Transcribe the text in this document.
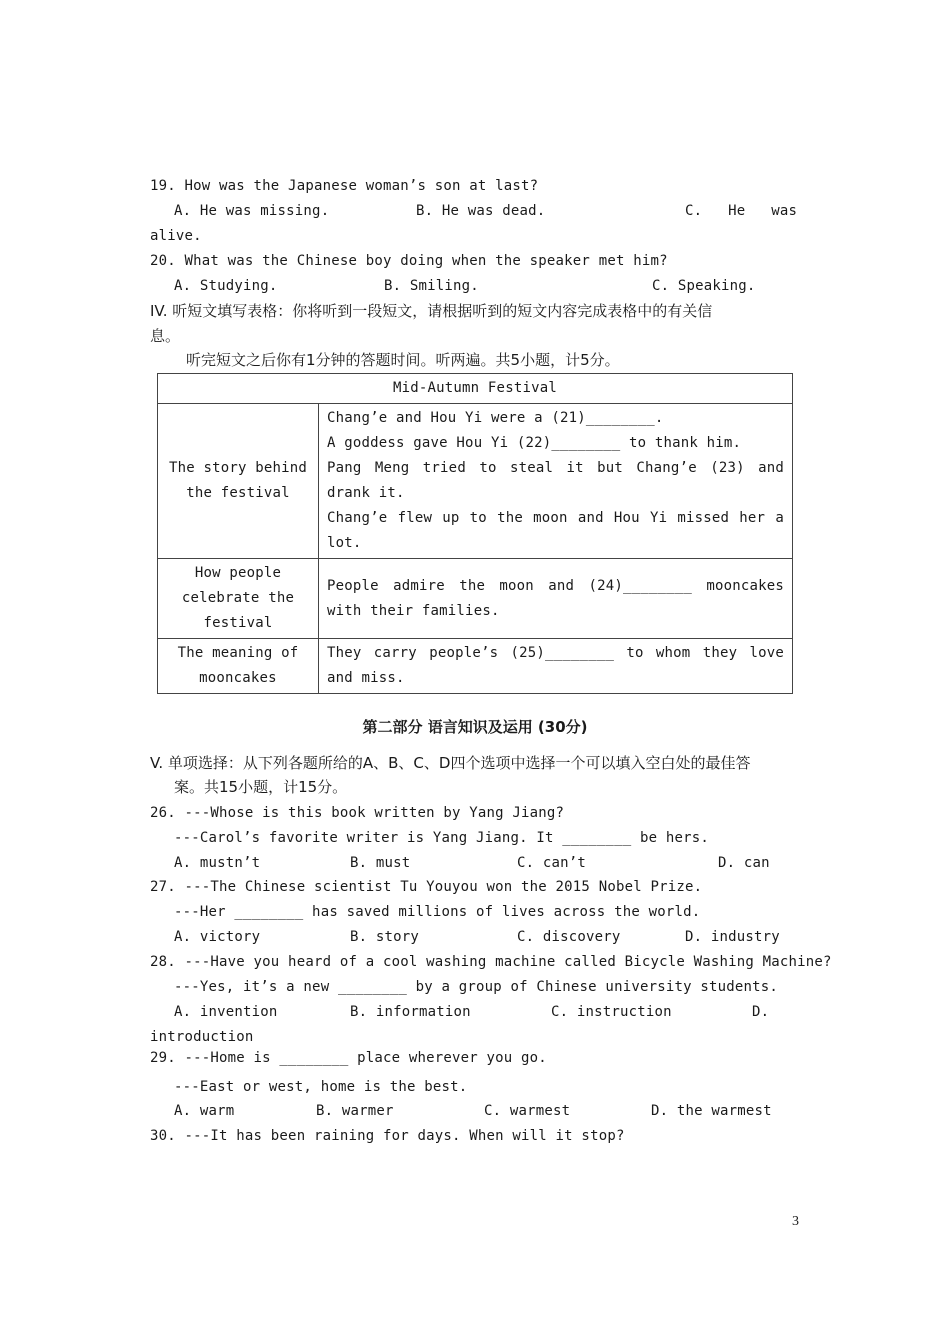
19. How was the Japanese woman’s son at last?
A. He was missing.	B. He was dead.	C.   He   was
alive.
20. What was the Chinese boy doing when the speaker met him?
A. Studying.	B. Smiling.	C. Speaking.
IV. 听短文填写表格：你将听到一段短文，请根据听到的短文内容完成表格中的有关信
息。
听完短文之后你有1分钟的答题时间。听两遍。共5小题，计5分。
Mid-Autumn Festival	
The story behind the festival	Chang’e and Hou Yi were a (21)________.
A goddess gave Hou Yi (22)________ to thank him.
Pang Meng tried to steal it but Chang’e (23) and drank it.
Chang’e flew up to the moon and Hou Yi missed her a lot.

How people celebrate the festival	People admire the moon and (24)________ mooncakes with their families.

The meaning of mooncakes	They carry people’s (25)________ to whom they love and miss.
第二部分 语言知识及运用 (30分)
V. 单项选择：从下列各题所给的A、B、C、D四个选项中选择一个可以填入空白处的最佳答
案。共15小题，计15分。
26. ---Whose is this book written by Yang Jiang?
---Carol’s favorite writer is Yang Jiang. It ________ be hers.
A. mustn’t	B. must	C. can’t	D. can
27. ---The Chinese scientist Tu Youyou won the 2015 Nobel Prize.
---Her ________ has saved millions of lives across the world.
A. victory	B. story	C. discovery	D. industry
28. ---Have you heard of a cool washing machine called Bicycle Washing Machine?
---Yes, it’s a new ________ by a group of Chinese university students.
A. invention	B. information	C. instruction	D.
introduction
29. ---Home is ________ place wherever you go.
---East or west, home is the best.
A. warm	B. warmer	C. warmest	D. the warmest
30. ---It has been raining for days. When will it stop?
3
